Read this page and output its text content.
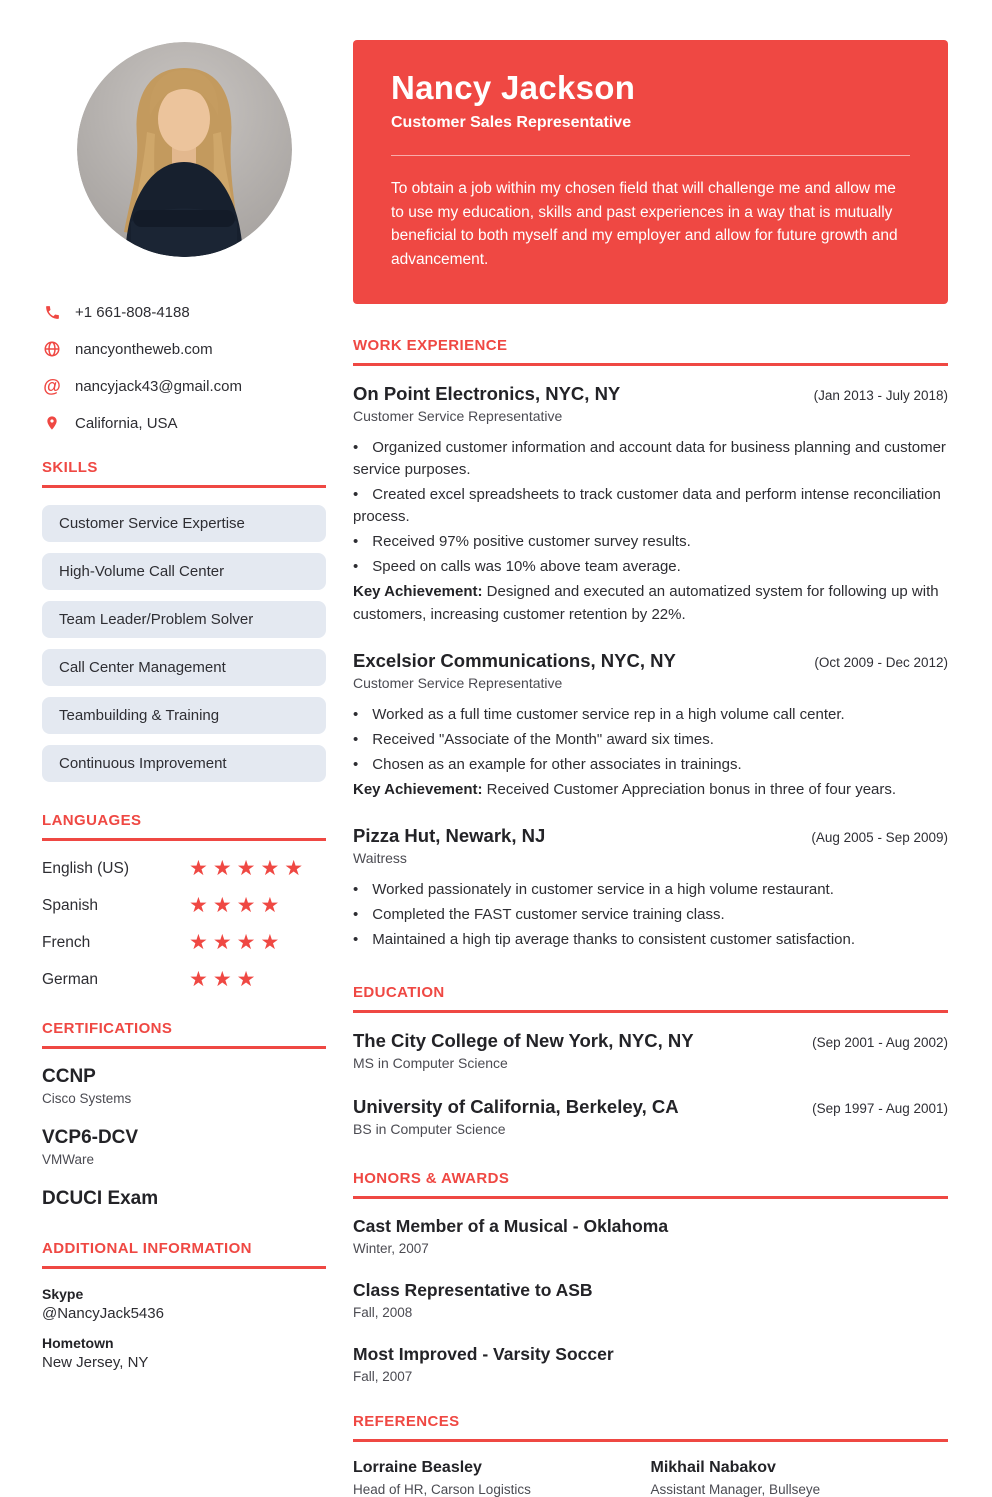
+1 661-808-4188
nancyontheweb.com
@ nancyjack43@gmail.com
California, USA
SKILLS
Customer Service Expertise
High-Volume Call Center
Team Leader/Problem Solver
Call Center Management
Teambuilding & Training
Continuous Improvement
LANGUAGES
English (US)	★★★★★
Spanish	★★★★
French	★★★★
German	★★★
CERTIFICATIONS
CCNP
Cisco Systems
VCP6-DCV
VMWare
DCUCI Exam
ADDITIONAL INFORMATION
Skype
@NancyJack5436
Hometown
New Jersey, NY
Nancy Jackson
Customer Sales Representative
To obtain a job within my chosen field that will challenge me and allow me to use my education, skills and past experiences in a way that is mutually beneficial to both myself and my employer and allow for future growth and advancement.
WORK EXPERIENCE
On Point Electronics, NYC, NY	(Jan 2013 - July 2018)
Customer Service Representative
• Organized customer information and account data for business planning and customer service purposes.
• Created excel spreadsheets to track customer data and perform intense reconciliation process.
• Received 97% positive customer survey results.
• Speed on calls was 10% above team average.
Key Achievement: Designed and executed an automatized system for following up with customers, increasing customer retention by 22%.
Excelsior Communications, NYC, NY	(Oct 2009 - Dec 2012)
Customer Service Representative
• Worked as a full time customer service rep in a high volume call center.
• Received "Associate of the Month" award six times.
• Chosen as an example for other associates in trainings.
Key Achievement: Received Customer Appreciation bonus in three of four years.
Pizza Hut, Newark, NJ	(Aug 2005 - Sep 2009)
Waitress
• Worked passionately in customer service in a high volume restaurant.
• Completed the FAST customer service training class.
• Maintained a high tip average thanks to consistent customer satisfaction.
EDUCATION
The City College of New York, NYC, NY	(Sep 2001 - Aug 2002)
MS in Computer Science
University of California, Berkeley, CA	(Sep 1997 - Aug 2001)
BS in Computer Science
HONORS & AWARDS
Cast Member of a Musical - Oklahoma
Winter, 2007
Class Representative to ASB
Fall, 2008
Most Improved - Varsity Soccer
Fall, 2007
REFERENCES
Lorraine Beasley
Head of HR, Carson Logistics
Mikhail Nabakov
Assistant Manager, Bullseye
